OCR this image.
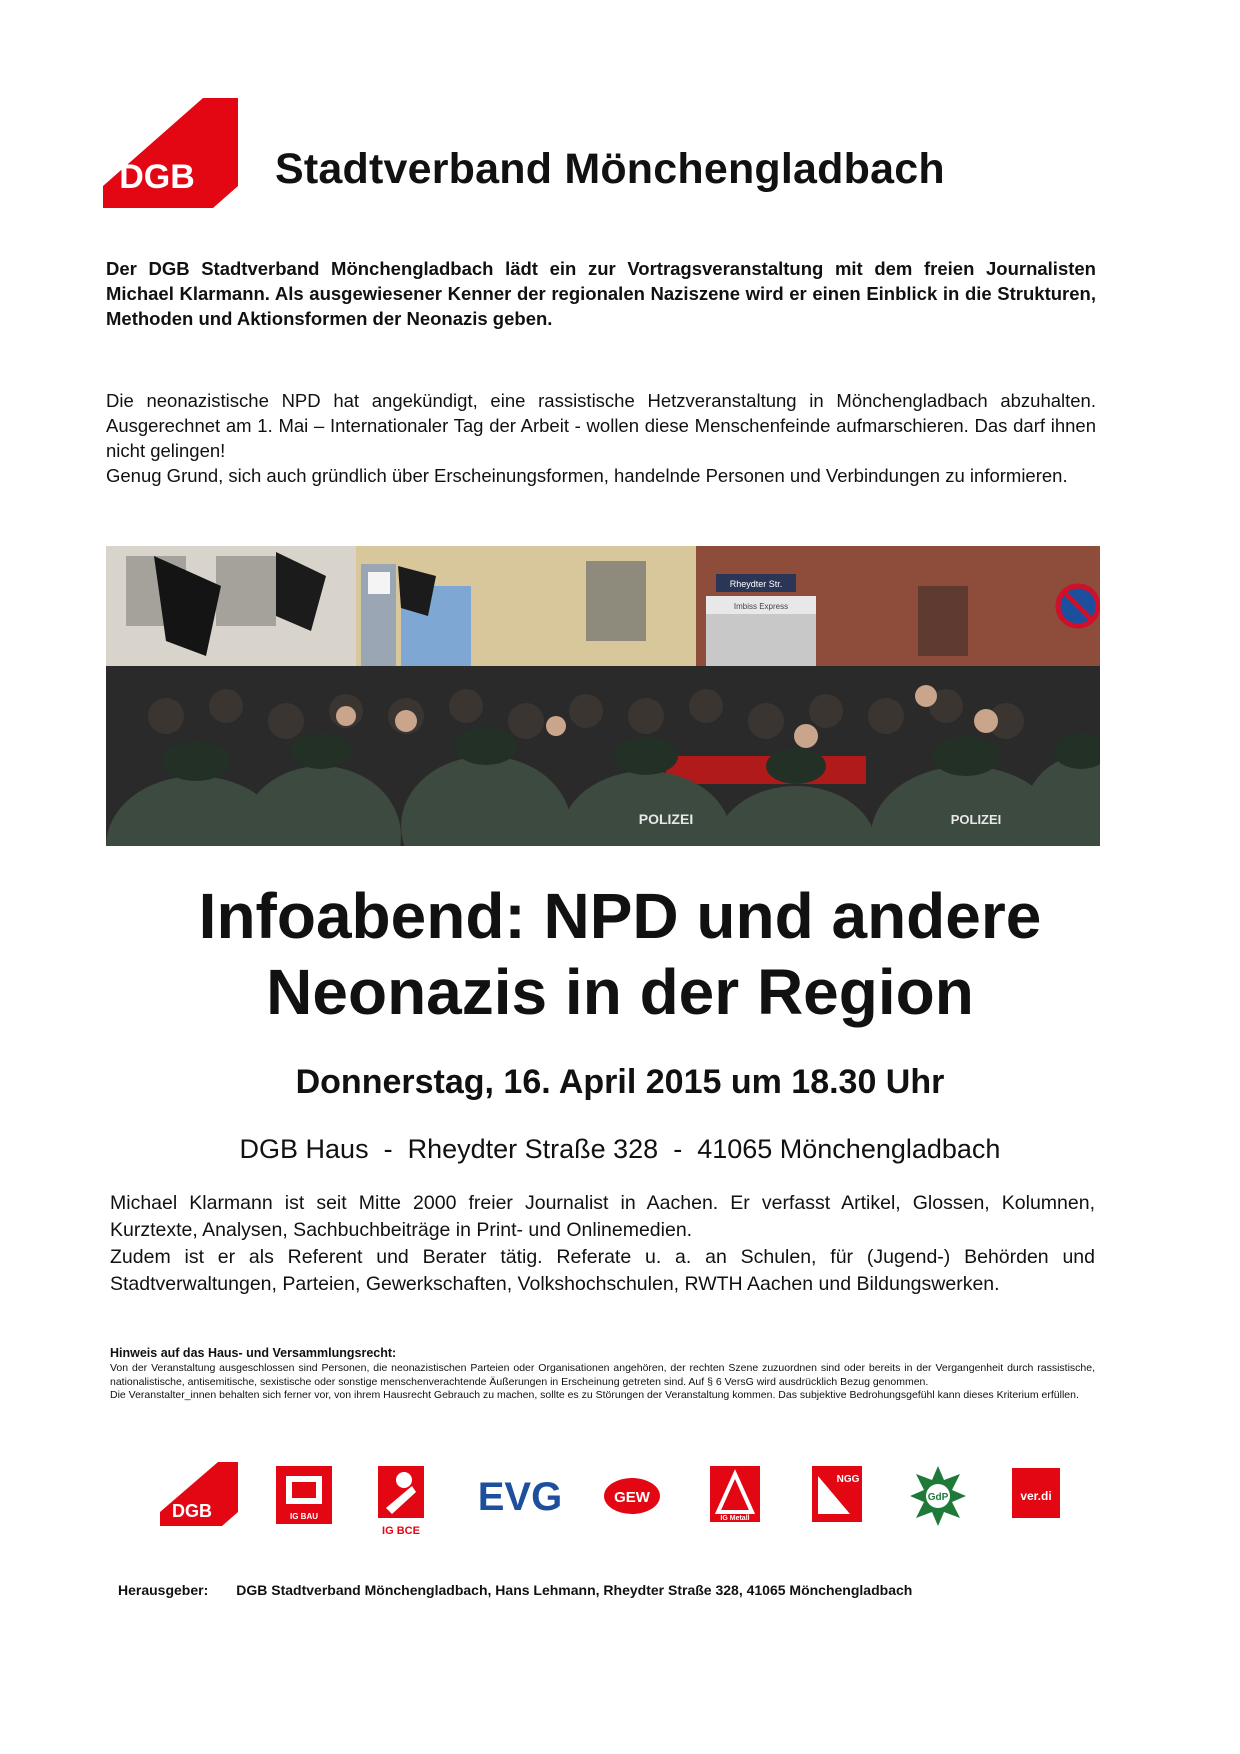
DGB Stadtverband Mönchengladbach
Der DGB Stadtverband Mönchengladbach lädt ein zur Vortragsveranstaltung mit dem freien Journalisten Michael Klarmann. Als ausgewiesener Kenner der regionalen Naziszene wird er einen Einblick in die Strukturen, Methoden und Aktionsformen der Neonazis geben.

Die neonazistische NPD hat angekündigt, eine rassistische Hetzveranstaltung in Mönchengladbach abzuhalten. Ausgerechnet am 1. Mai – Internationaler Tag der Arbeit - wollen diese Menschenfeinde aufmarschieren. Das darf ihnen nicht gelingen!

Genug Grund, sich auch gründlich über Erscheinungsformen, handelnde Personen und Verbindungen zu informieren.

Rheydter Str.
Imbiss Express
POLIZEI	POLIZEI
Infoabend: NPD und andere
Neonazis in der Region
Donnerstag, 16. April 2015 um 18.30 Uhr
DGB Haus  -  Rheydter Straße 328  -  41065 Mönchengladbach

Michael Klarmann ist seit Mitte 2000 freier Journalist in Aachen. Er verfasst Artikel, Glossen, Kolumnen, Kurztexte, Analysen, Sachbuchbeiträge in Print- und Onlinemedien.

Zudem ist er als Referent und Berater tätig. Referate u. a. an Schulen, für (Jugend-) Behörden und Stadtverwaltungen, Parteien, Gewerkschaften, Volkshochschulen, RWTH Aachen und Bildungswerken.

Hinweis auf das Haus- und Versammlungsrecht:

Von der Veranstaltung ausgeschlossen sind Personen, die neonazistischen Parteien oder Organisationen angehören, der rechten Szene zuzuordnen sind oder bereits in der Vergangenheit durch rassistische, nationalistische, antisemitische, sexistische oder sonstige menschenverachtende Äußerungen in Erscheinung getreten sind. Auf § 6 VersG wird ausdrücklich Bezug genommen.

Die Veranstalter_innen behalten sich ferner vor, von ihrem Hausrecht Gebrauch zu machen, sollte es zu Störungen der Veranstaltung kommen. Das subjektive Bedrohungsgefühl kann dieses Kriterium erfüllen.

DGB	IG BAU
IG BCE
EVG	GEW
IG Metall
NGG
GdP	ver.di
Herausgeber: DGB Stadtverband Mönchengladbach, Hans Lehmann, Rheydter Straße 328, 41065 Mönchengladbach
